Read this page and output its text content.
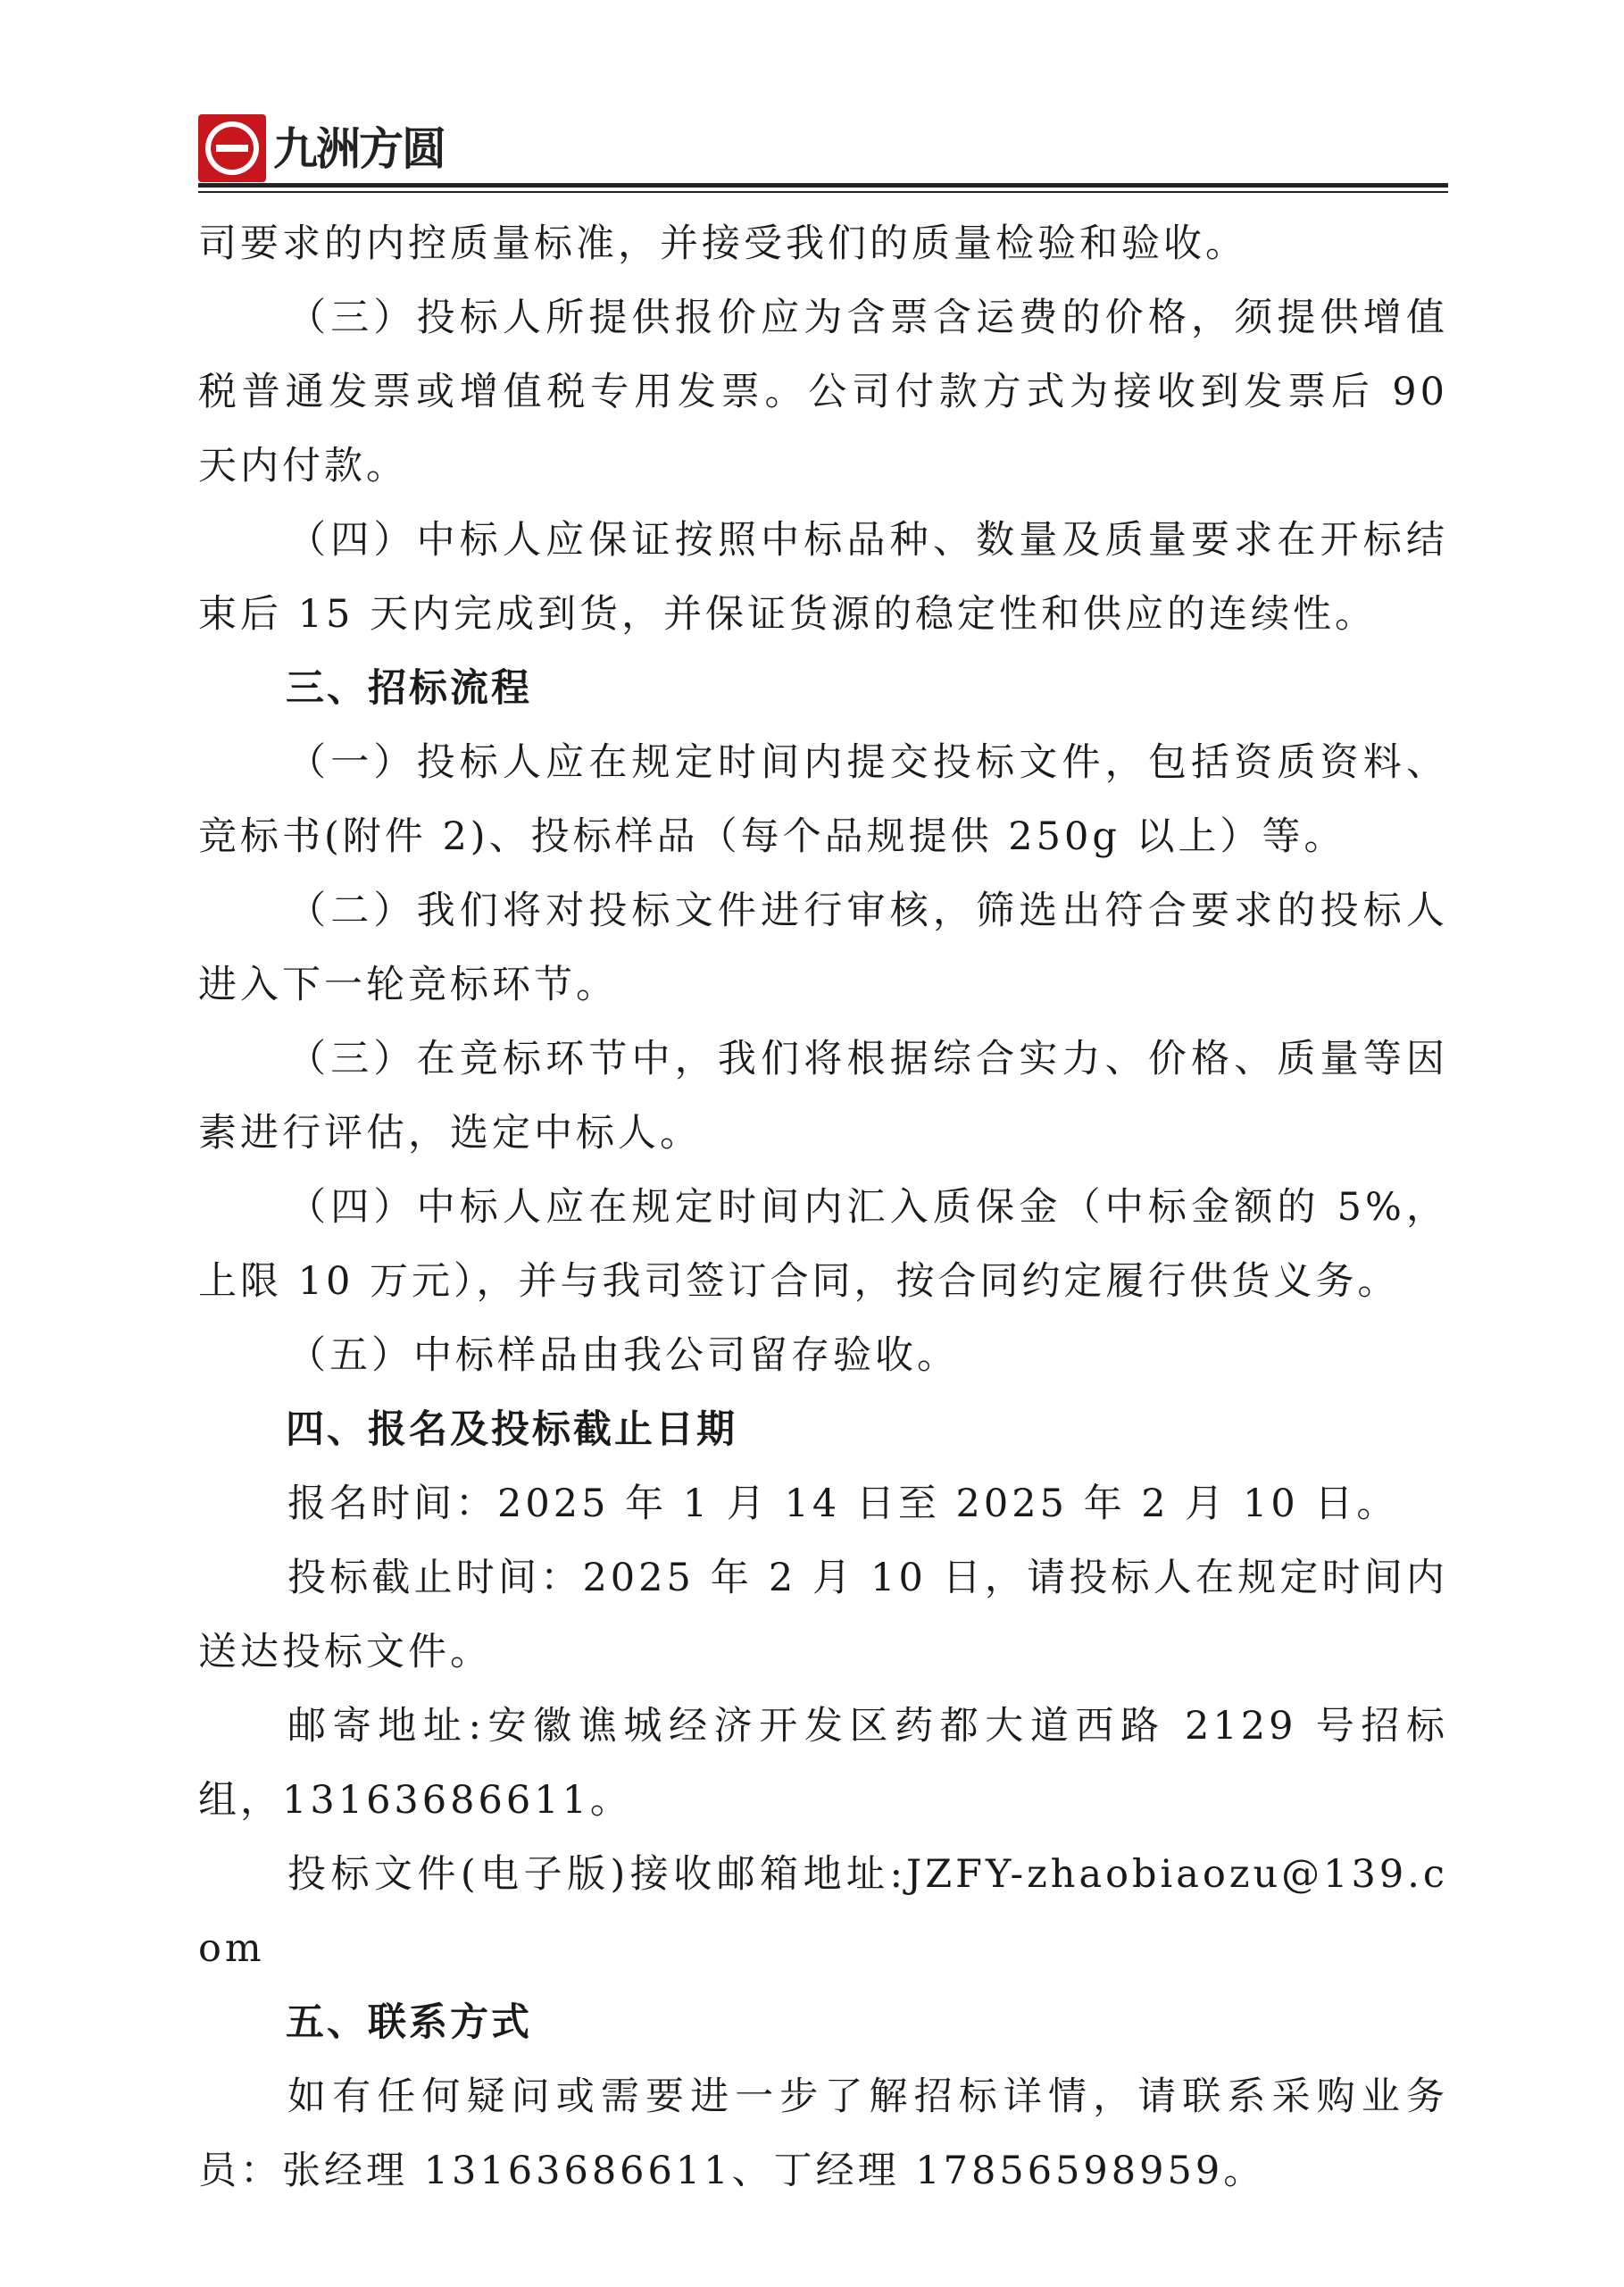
九洲方圆

司要求的内控质量标准，并接受我们的质量检验和验收。

（三）投标人所提供报价应为含票含运费的价格，须提供增值税普通发票或增值税专用发票。公司付款方式为接收到发票后 90 天内付款。

（四）中标人应保证按照中标品种、数量及质量要求在开标结束后 15 天内完成到货，并保证货源的稳定性和供应的连续性。

三、招标流程

（一）投标人应在规定时间内提交投标文件，包括资质资料、竞标书(附件 2)、投标样品（每个品规提供 250g 以上）等。

（二）我们将对投标文件进行审核，筛选出符合要求的投标人进入下一轮竞标环节。

（三）在竞标环节中，我们将根据综合实力、价格、质量等因素进行评估，选定中标人。

（四）中标人应在规定时间内汇入质保金（中标金额的 5%，上限 10 万元），并与我司签订合同，按合同约定履行供货义务。

（五）中标样品由我公司留存验收。

四、报名及投标截止日期

报名时间：2025 年 1 月 14 日至 2025 年 2 月 10 日。

投标截止时间：2025 年 2 月 10 日，请投标人在规定时间内送达投标文件。

邮寄地址:安徽谯城经济开发区药都大道西路 2129 号招标组，13163686611。

投标文件(电子版)接收邮箱地址:JZFY-zhaobiaozu@139.com

五、联系方式

如有任何疑问或需要进一步了解招标详情，请联系采购业务员：张经理 13163686611、丁经理 17856598959。
